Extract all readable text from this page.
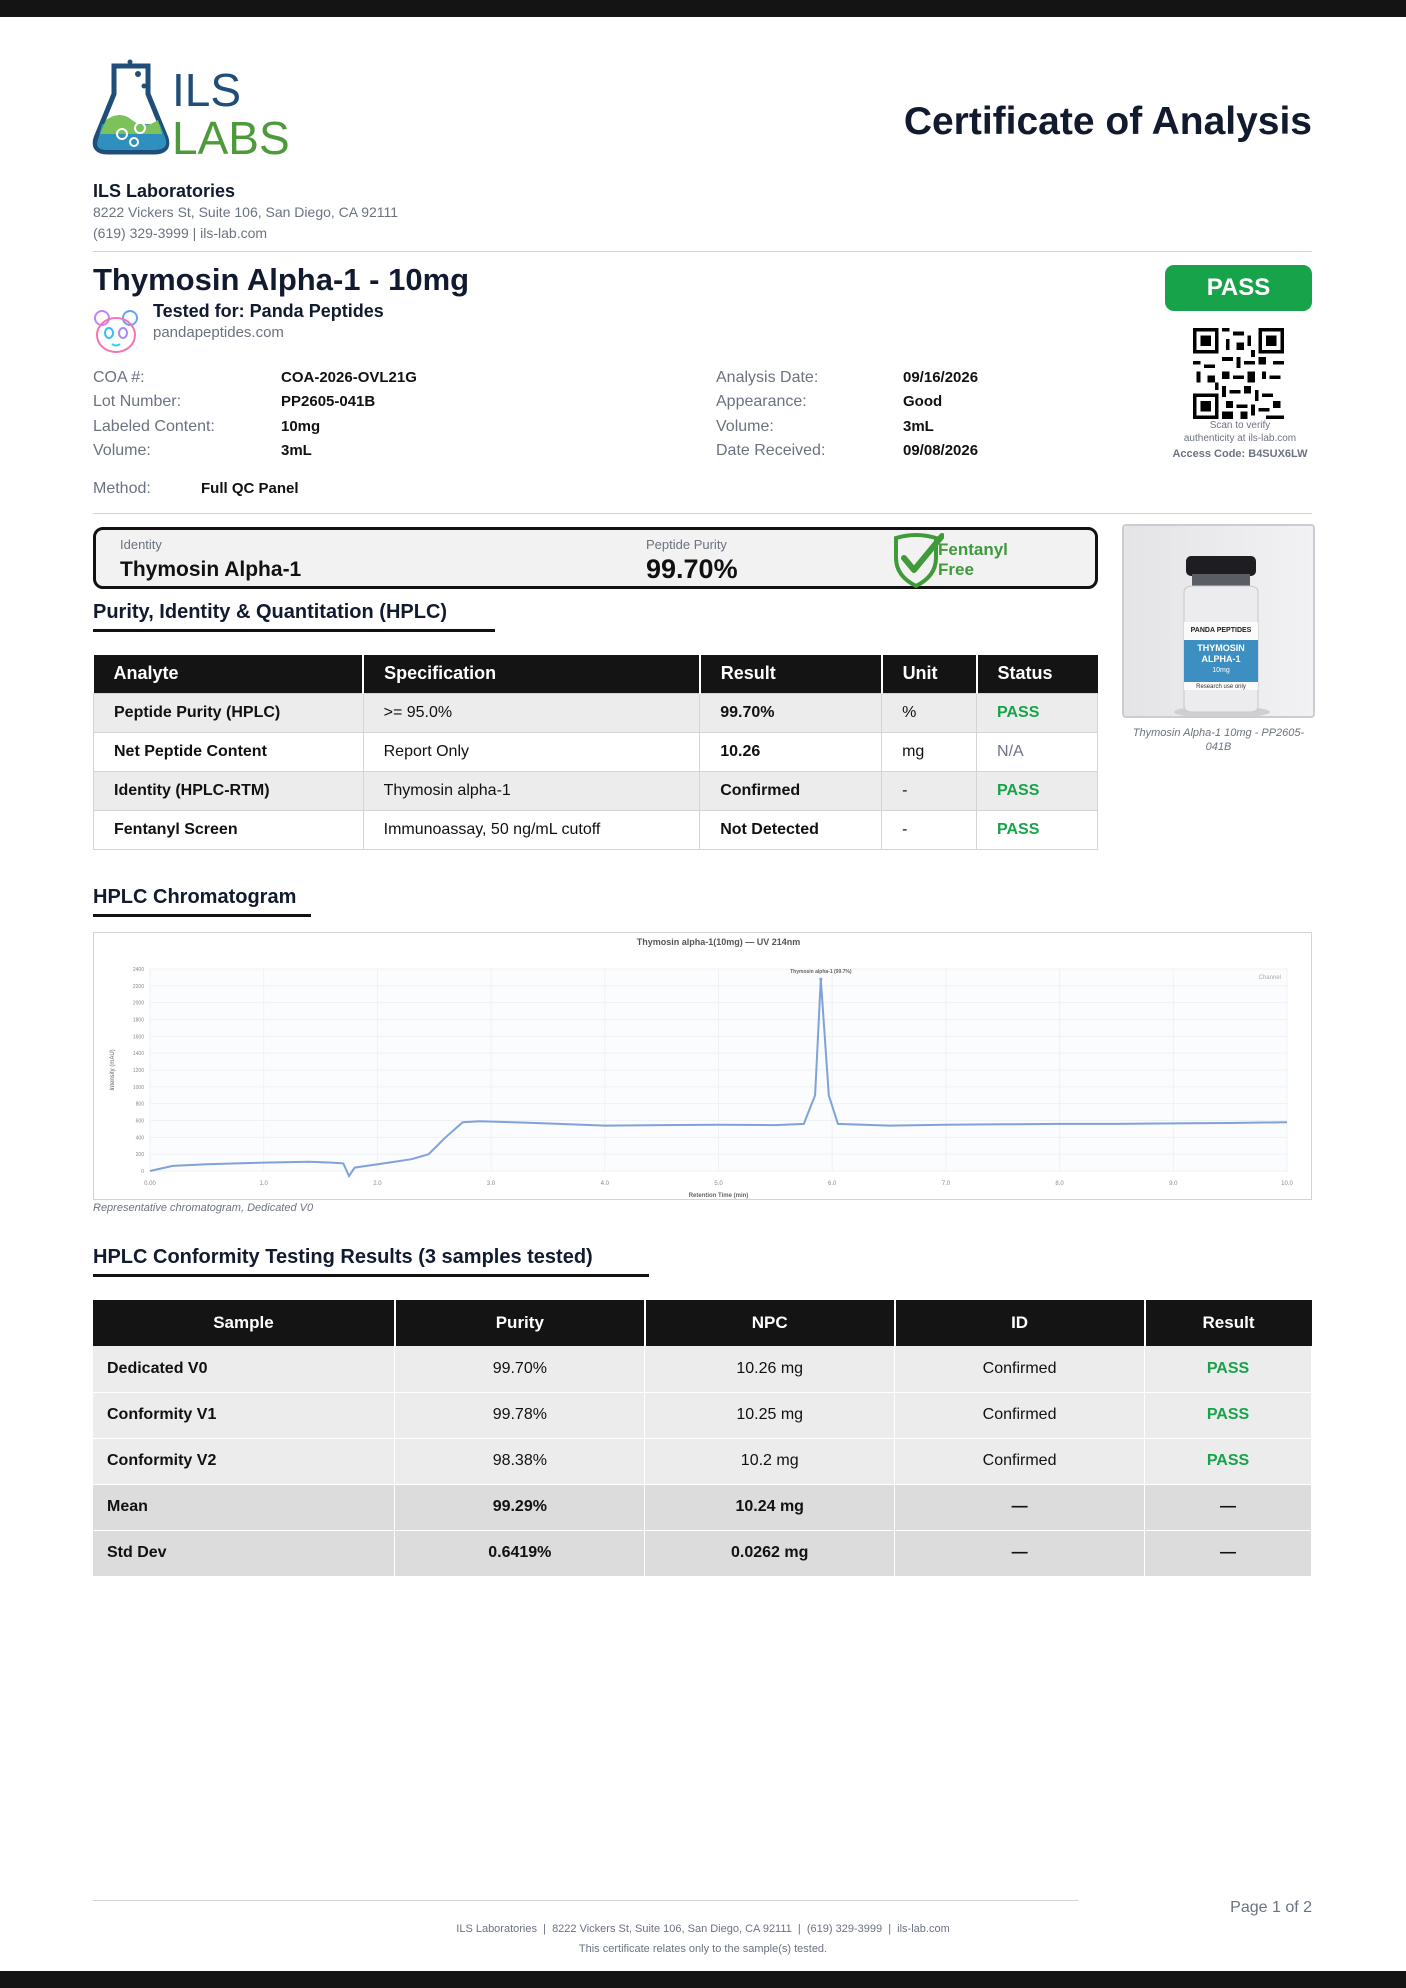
ILS
LABS	Certificate of Analysis
ILS Laboratories
8222 Vickers St, Suite 106, San Diego, CA 92111
(619) 329-3999 | ils-lab.com
Thymosin Alpha-1 - 10mg
Tested for: Panda Peptides
pandapeptides.com
PASS
Scan to verify
authenticity at ils-lab.com
Access Code: B4SUX6LW
COA #:	COA-2026-OVL21G
Lot Number:	PP2605-041B
Labeled Content:	10mg
Volume:	3mL
Analysis Date:	09/16/2026
Appearance:	Good
Volume:	3mL
Date Received:	09/08/2026
Method:	Full QC Panel
Identity
Thymosin Alpha-1
Peptide Purity
99.70%
Fentanyl
Free
PANDA PEPTIDES
THYMOSIN
ALPHA-1
10mg
Research use only
Thymosin Alpha-1 10mg - PP2605-041B
Purity, Identity & Quantitation (HPLC)
Analyte	Specification	Result	Unit	Status
Peptide Purity (HPLC)	>= 95.0%	99.70%	%	PASS
Net Peptide Content	Report Only	10.26	mg	N/A
Identity (HPLC-RTM)	Thymosin alpha-1	Confirmed	-	PASS
Fentanyl Screen	Immunoassay, 50 ng/mL cutoff	Not Detected	-	PASS
HPLC Chromatogram
0.00	1.0	2.0	3.0	4.0	5.0	6.0	7.0	8.0	9.0	10.0
0
200
400
600
800
1000
1200
1400
1600
1800
2000
2200
2400
Thymosin alpha-1(10mg) — UV 214nm
Retention Time (min)
Intensity (mAU)
Channel
Thymosin alpha-1 (99.7%)
Representative chromatogram, Dedicated V0
HPLC Conformity Testing Results (3 samples tested)
Sample	Purity	NPC	ID	Result
Dedicated V0	99.70%	10.26 mg	Confirmed	PASS
Conformity V1	99.78%	10.25 mg	Confirmed	PASS
Conformity V2	98.38%	10.2 mg	Confirmed	PASS
Mean	99.29%	10.24 mg	—	—
Std Dev	0.6419%	0.0262 mg	—	—
Page 1 of 2
ILS Laboratories  |  8222 Vickers St, Suite 106, San Diego, CA 92111  |  (619) 329-3999  |  ils-lab.com
This certificate relates only to the sample(s) tested.
